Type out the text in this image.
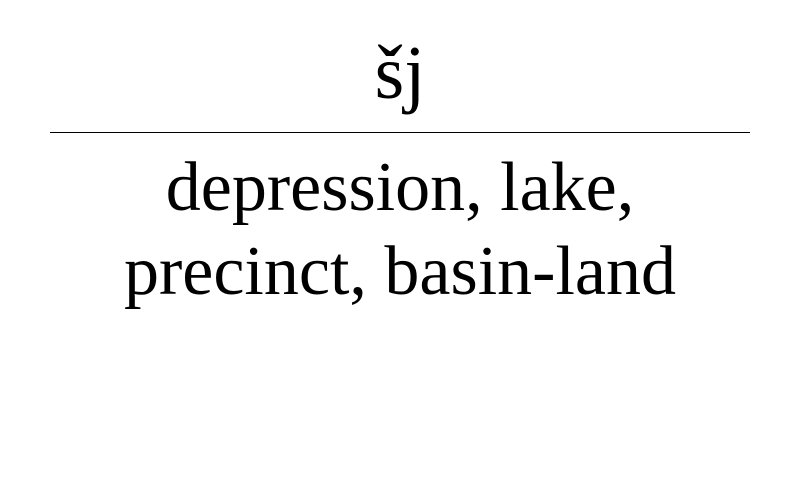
šj
depression, lake,
precinct, basin-land
